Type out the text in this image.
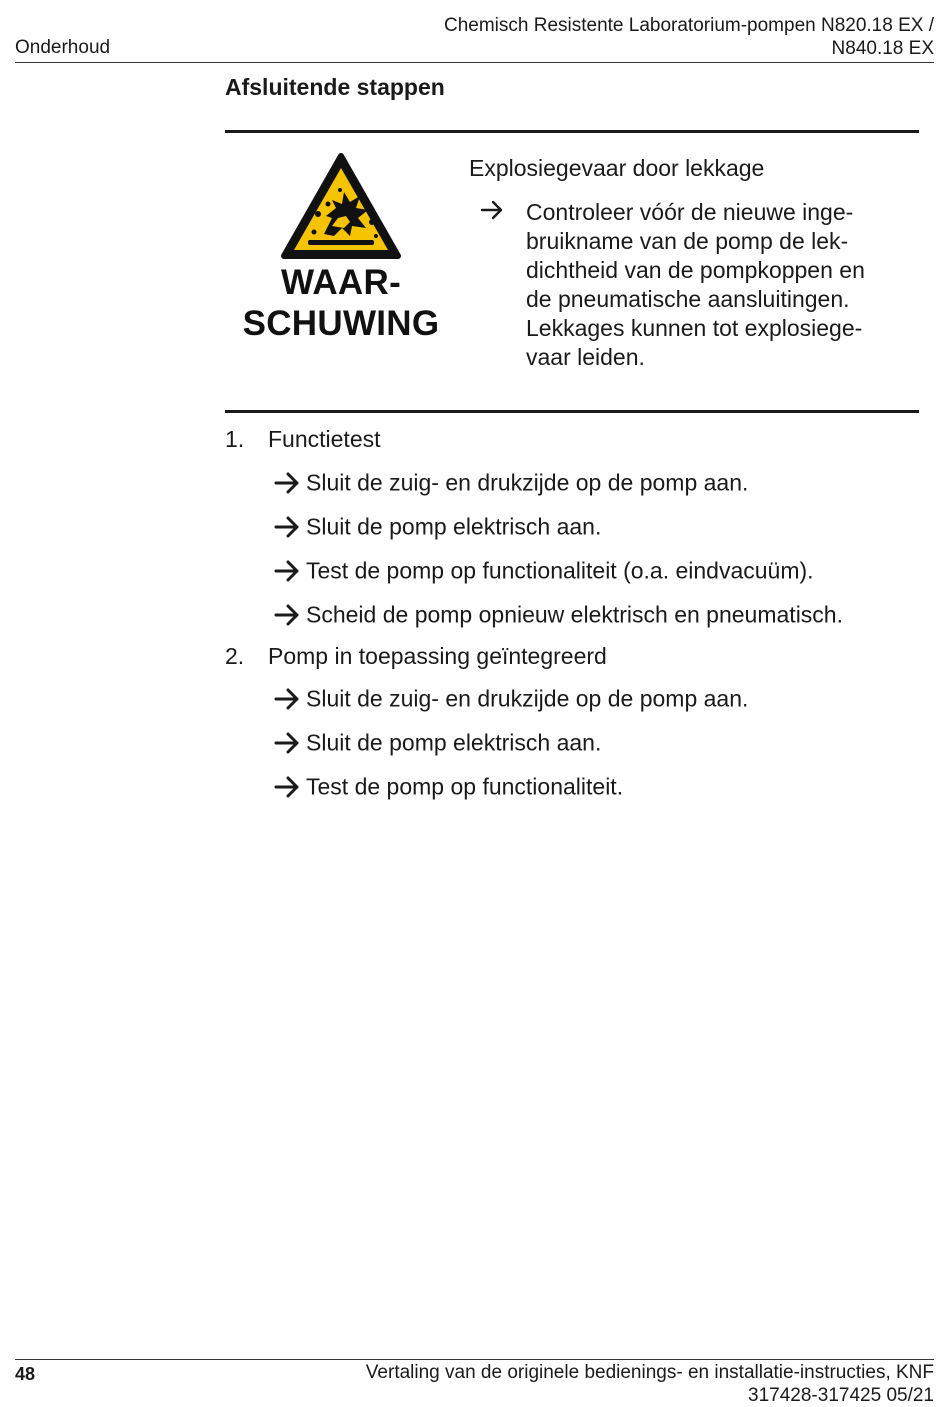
Onderhoud
Chemisch Resistente Laboratorium-pompen N820.18 EX /
N840.18 EX
Afsluitende stappen
WAAR-
SCHUWING
Explosiegevaar door lekkage
Controleer vóór de nieuwe inge-
bruikname van de pomp de lek-
dichtheid van de pompkoppen en
de pneumatische aansluitingen.
Lekkages kunnen tot explosiege-
vaar leiden.
1. Functietest
Sluit de zuig- en drukzijde op de pomp aan.
Sluit de pomp elektrisch aan.
Test de pomp op functionaliteit (o.a. eindvacuüm).
Scheid de pomp opnieuw elektrisch en pneumatisch.
2. Pomp in toepassing geïntegreerd
Sluit de zuig- en drukzijde op de pomp aan.
Sluit de pomp elektrisch aan.
Test de pomp op functionaliteit.
48	Vertaling van de originele bedienings- en installatie-instructies, KNF
317428-317425 05/21
